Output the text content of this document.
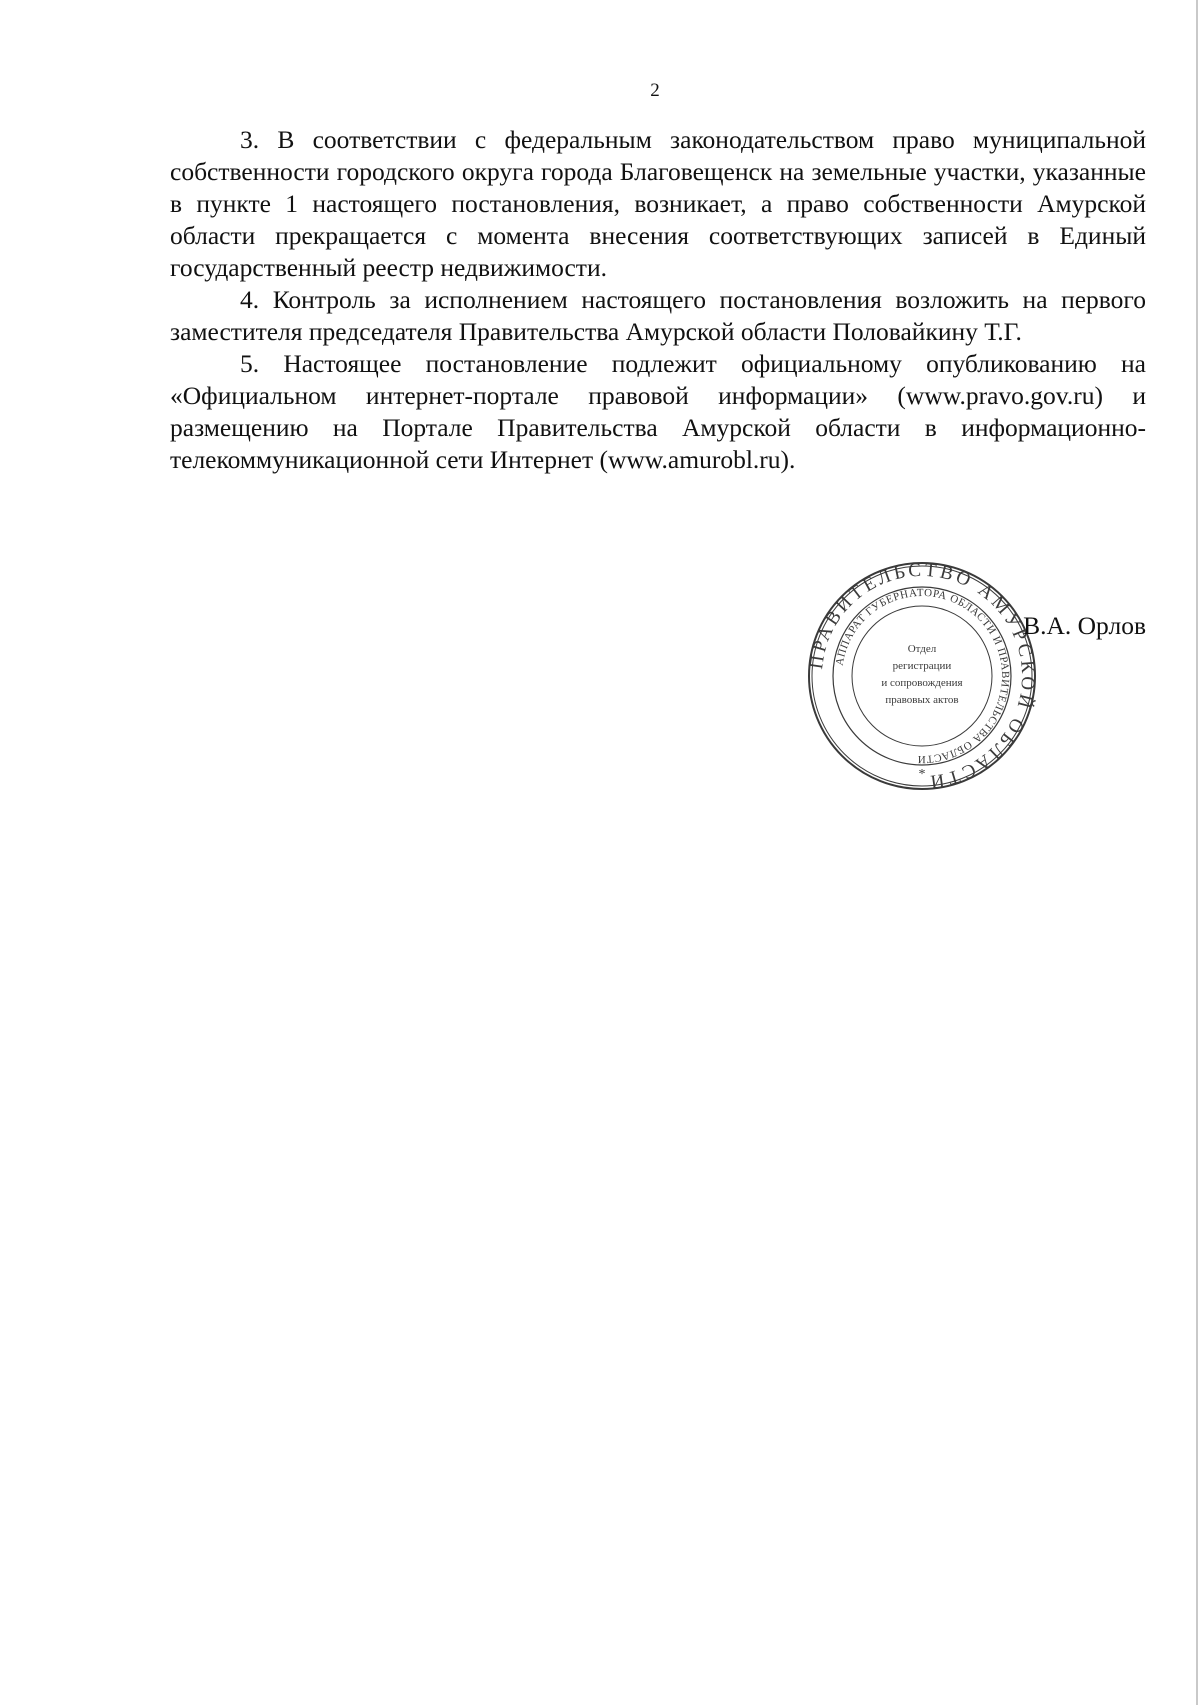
2

3. В соответствии с федеральным законодательством право муниципальной собственности городского округа города Благовещенск на земельные участки, указанные в пункте 1 настоящего постановления, возникает, а право собственности Амурской области прекращается с момента внесения соответствующих записей в Единый государственный реестр недвижимости.

4. Контроль за исполнением настоящего постановления возложить на первого заместителя председателя Правительства Амурской области Половайкину Т.Г.

5. Настоящее постановление подлежит официальному опубликованию на «Официальном интернет-портале правовой информации» (www.pravo.gov.ru) и размещению на Портале Правительства Амурской области в информационно-телекоммуникационной сети Интернет (www.amurobl.ru).

ПРАВИТЕЛЬСТВО АМУРСКОЙ ОБЛАСТИ
АППАРАТ ГУБЕРНАТОРА ОБЛАСТИ И ПРАВИТЕЛЬСТВА ОБЛАСТИ
Отдел
регистрации
и сопровождения
правовых актов
*
В.А. Орлов
